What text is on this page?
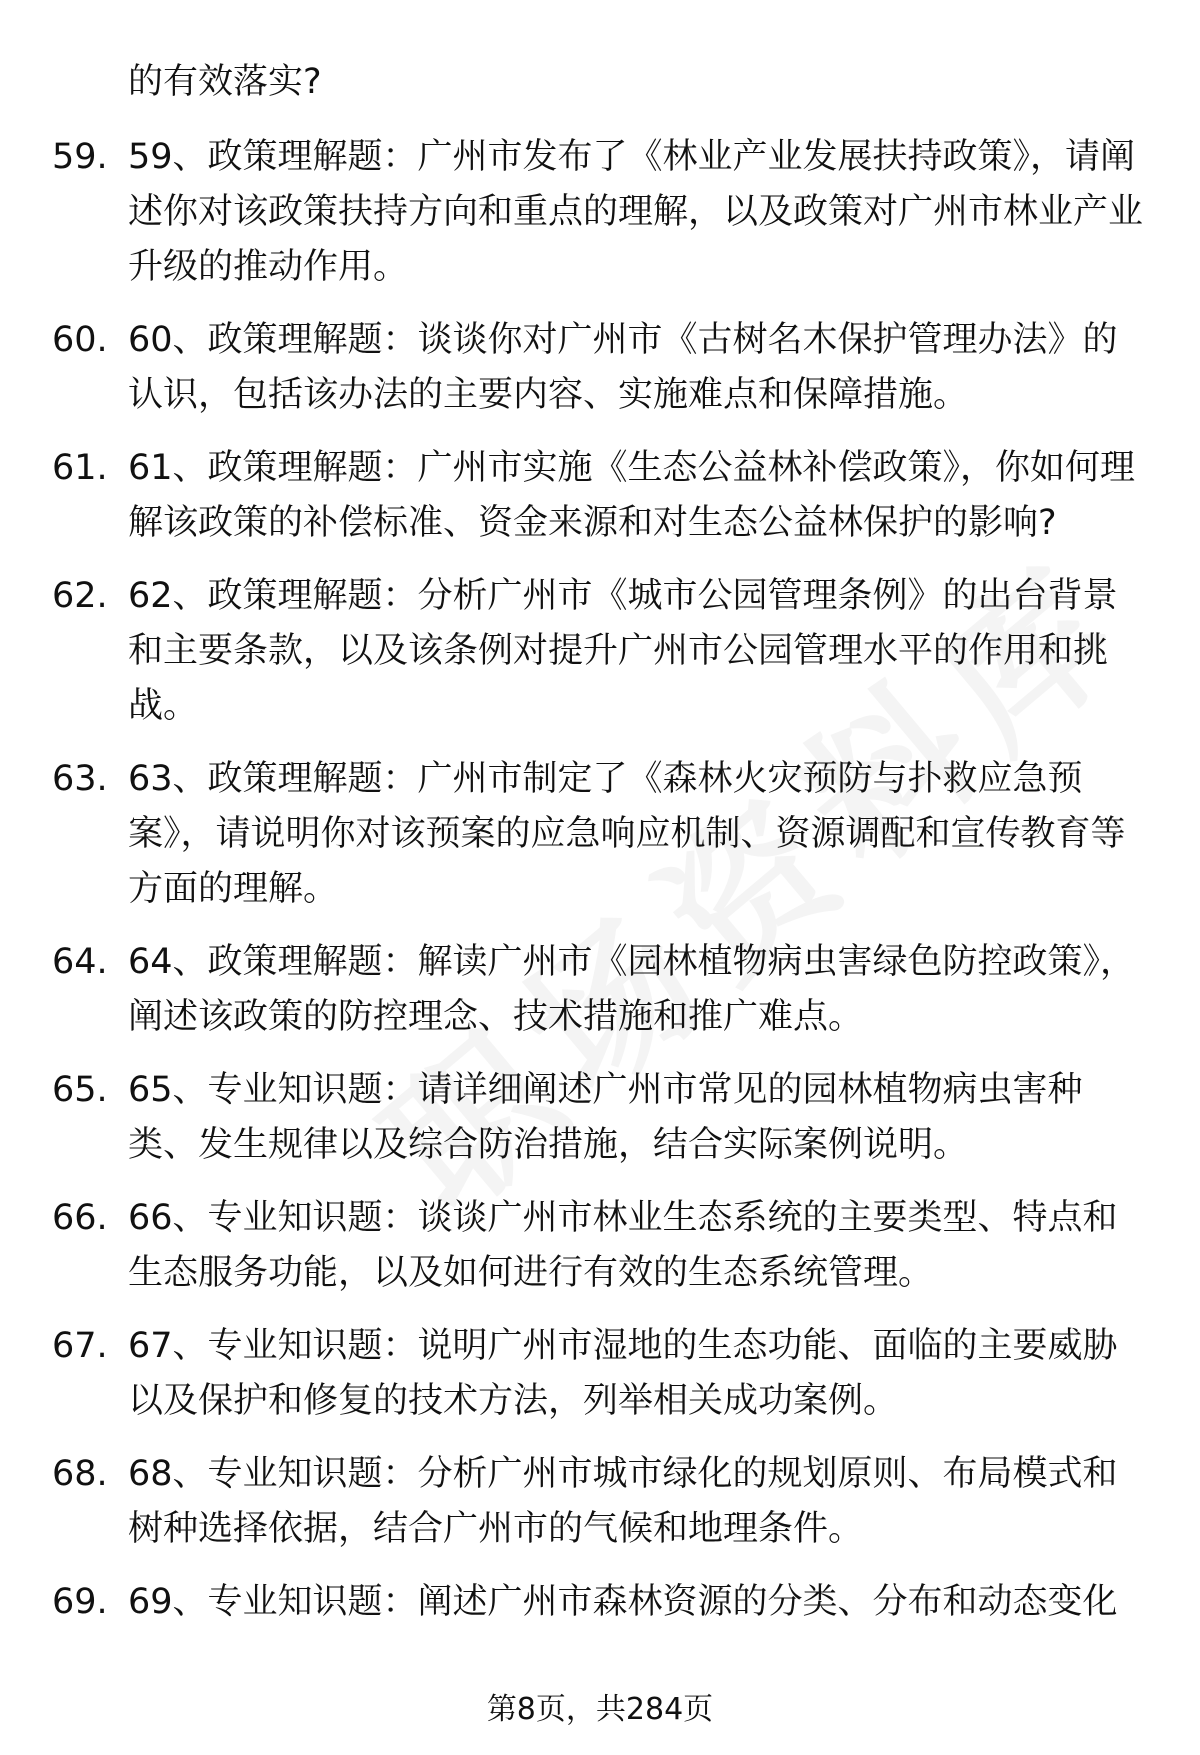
的有效落实?
59. 59、政策理解题：广州市发布了《林业产业发展扶持政策》，请阐述你对该政策扶持方向和重点的理解，以及政策对广州市林业产业升级的推动作用。
60. 60、政策理解题：谈谈你对广州市《古树名木保护管理办法》的认识，包括该办法的主要内容、实施难点和保障措施。
61. 61、政策理解题：广州市实施《生态公益林补偿政策》，你如何理解该政策的补偿标准、资金来源和对生态公益林保护的影响?
62. 62、政策理解题：分析广州市《城市公园管理条例》的出台背景和主要条款，以及该条例对提升广州市公园管理水平的作用和挑战。
63. 63、政策理解题：广州市制定了《森林火灾预防与扑救应急预案》，请说明你对该预案的应急响应机制、资源调配和宣传教育等方面的理解。
64. 64、政策理解题：解读广州市《园林植物病虫害绿色防控政策》，阐述该政策的防控理念、技术措施和推广难点。
65. 65、专业知识题：请详细阐述广州市常见的园林植物病虫害种类、发生规律以及综合防治措施，结合实际案例说明。
66. 66、专业知识题：谈谈广州市林业生态系统的主要类型、特点和生态服务功能，以及如何进行有效的生态系统管理。
67. 67、专业知识题：说明广州市湿地的生态功能、面临的主要威胁以及保护和修复的技术方法，列举相关成功案例。
68. 68、专业知识题：分析广州市城市绿化的规划原则、布局模式和树种选择依据，结合广州市的气候和地理条件。
69. 69、专业知识题：阐述广州市森林资源的分类、分布和动态变化
第8页，共284页
